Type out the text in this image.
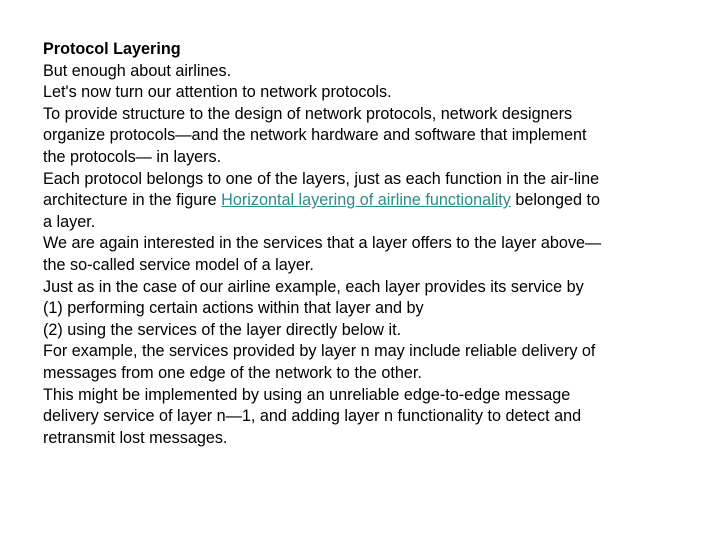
Protocol Layering
But enough about airlines.
Let's now turn our attention to network protocols.
To provide structure to the design of network protocols, network designers
organize protocols—and the network hardware and software that implement
the protocols— in layers.
Each protocol belongs to one of the layers, just as each function in the air-line
architecture in the figure Horizontal layering of airline functionality belonged to
a layer.
We are again interested in the services that a layer offers to the layer above—
the so-called service model of a layer.
Just as in the case of our airline example, each layer provides its service by
(1) performing certain actions within that layer and by
(2) using the services of the layer directly below it.
For example, the services provided by layer n may include reliable delivery of
messages from one edge of the network to the other.
This might be implemented by using an unreliable edge-to-edge message
delivery service of layer n—1, and adding layer n functionality to detect and
retransmit lost messages.
